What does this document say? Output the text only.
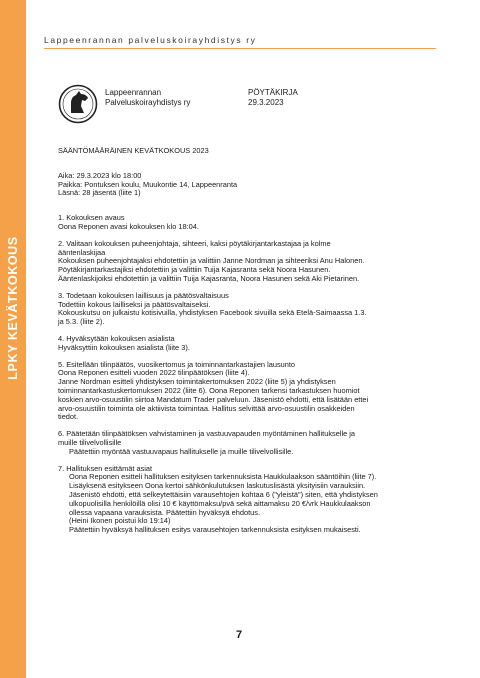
LPKY KEVÄTKOKOUS
Lappeenrannan palveluskoirayhdistys ry
Lappeenrannan
Palveluskoirayhdistys ry
PÖYTÄKIRJA
29.3.2023

SÄÄNTÖMÄÄRÄINEN KEVÄTKOKOUS 2023

Aika: 29.3.2023 klo 18:00

Paikka: Pontuksen koulu, Muukontie 14, Lappeenranta

Läsnä: 28 jäsentä (liite 1)

1. Kokouksen avaus

Oona Reponen avasi kokouksen klo 18:04.

2. Valitaan kokouksen puheenjohtaja, sihteeri, kaksi pöytäkirjantarkastajaa ja kolme

ääntenlaskijaa

Kokouksen puheenjohtajaksi ehdotettiin ja valittiin Janne Nordman ja sihteeriksi Anu Halonen.

Pöytäkirjantarkastajiksi ehdotettiin ja valittiin Tuija Kajasranta sekä Noora Hasunen.

Ääntenlaskijoiksi ehdotettiin ja valittiin Tuija Kajasranta, Noora Hasunen sekä Aki Pietarinen.

3. Todetaan kokouksen laillisuus ja päätösvaltaisuus

Todettiin kokous lailliseksi ja päätösvaltaiseksi.

Kokouskutsu on julkaistu kotisivuilla, yhdistyksen Facebook sivuilla sekä Etelä-Saimaassa 1.3.

ja 5.3. (liite 2).

4. Hyväksytään kokouksen asialista

Hyväksyttiin kokouksen asialista (liite 3).

5. Esitellään tilinpäätös, vuosikertomus ja toiminnantarkastajien lausunto

Oona Reponen esitteli vuoden 2022 tilinpäätöksen (liite 4).

Janne Nordman esitteli yhdistyksen toimintakertomuksen 2022 (liite 5) ja yhdistyksen

toiminnantarkastuskertomuksen 2022 (liite 6). Oona Reponen tarkensi tarkastuksen huomiot

koskien arvo-osuustilin siirtoa Mandatum Trader palveluun. Jäsenistö ehdotti, että lisätään ettei

arvo-osuustilin toiminta ole aktiivista toimintaa. Hallitus selvittää arvo-osuustilin osakkeiden

tiedot.

6. Päätetään tilinpäätöksen vahvistaminen ja vastuuvapauden myöntäminen hallitukselle ja

muille tilivelvollisille

Päätettiin myöntää vastuuvapaus hallitukselle ja muille tilivelvollisille.

7. Hallituksen esittämät asiat

Oona Reponen esitteli hallituksen esityksen tarkennuksista Haukkulaakson sääntöihin (liite 7).

Lisäyksenä esitykseen Oona kertoi sähkönkulutuksen laskutuslisästä yksityisiin varauksiin.

Jäsenistö ehdotti, että selkeytettäisiin varausehtojen kohtaa 6 ("yleistä") siten, että yhdistyksen

ulkopuolisilla henkilöillä olisi 10 € käyttömaksu/pvä sekä aittamaksu 20 €/vrk Haukkulaakson

ollessa vapaana varauksista. Päätettiin hyväksyä ehdotus.

(Heini Ikonen poistui klo 19:14)

Päätettiin hyväksyä hallituksen esitys varausehtojen tarkennuksista esityksen mukaisesti.

7
